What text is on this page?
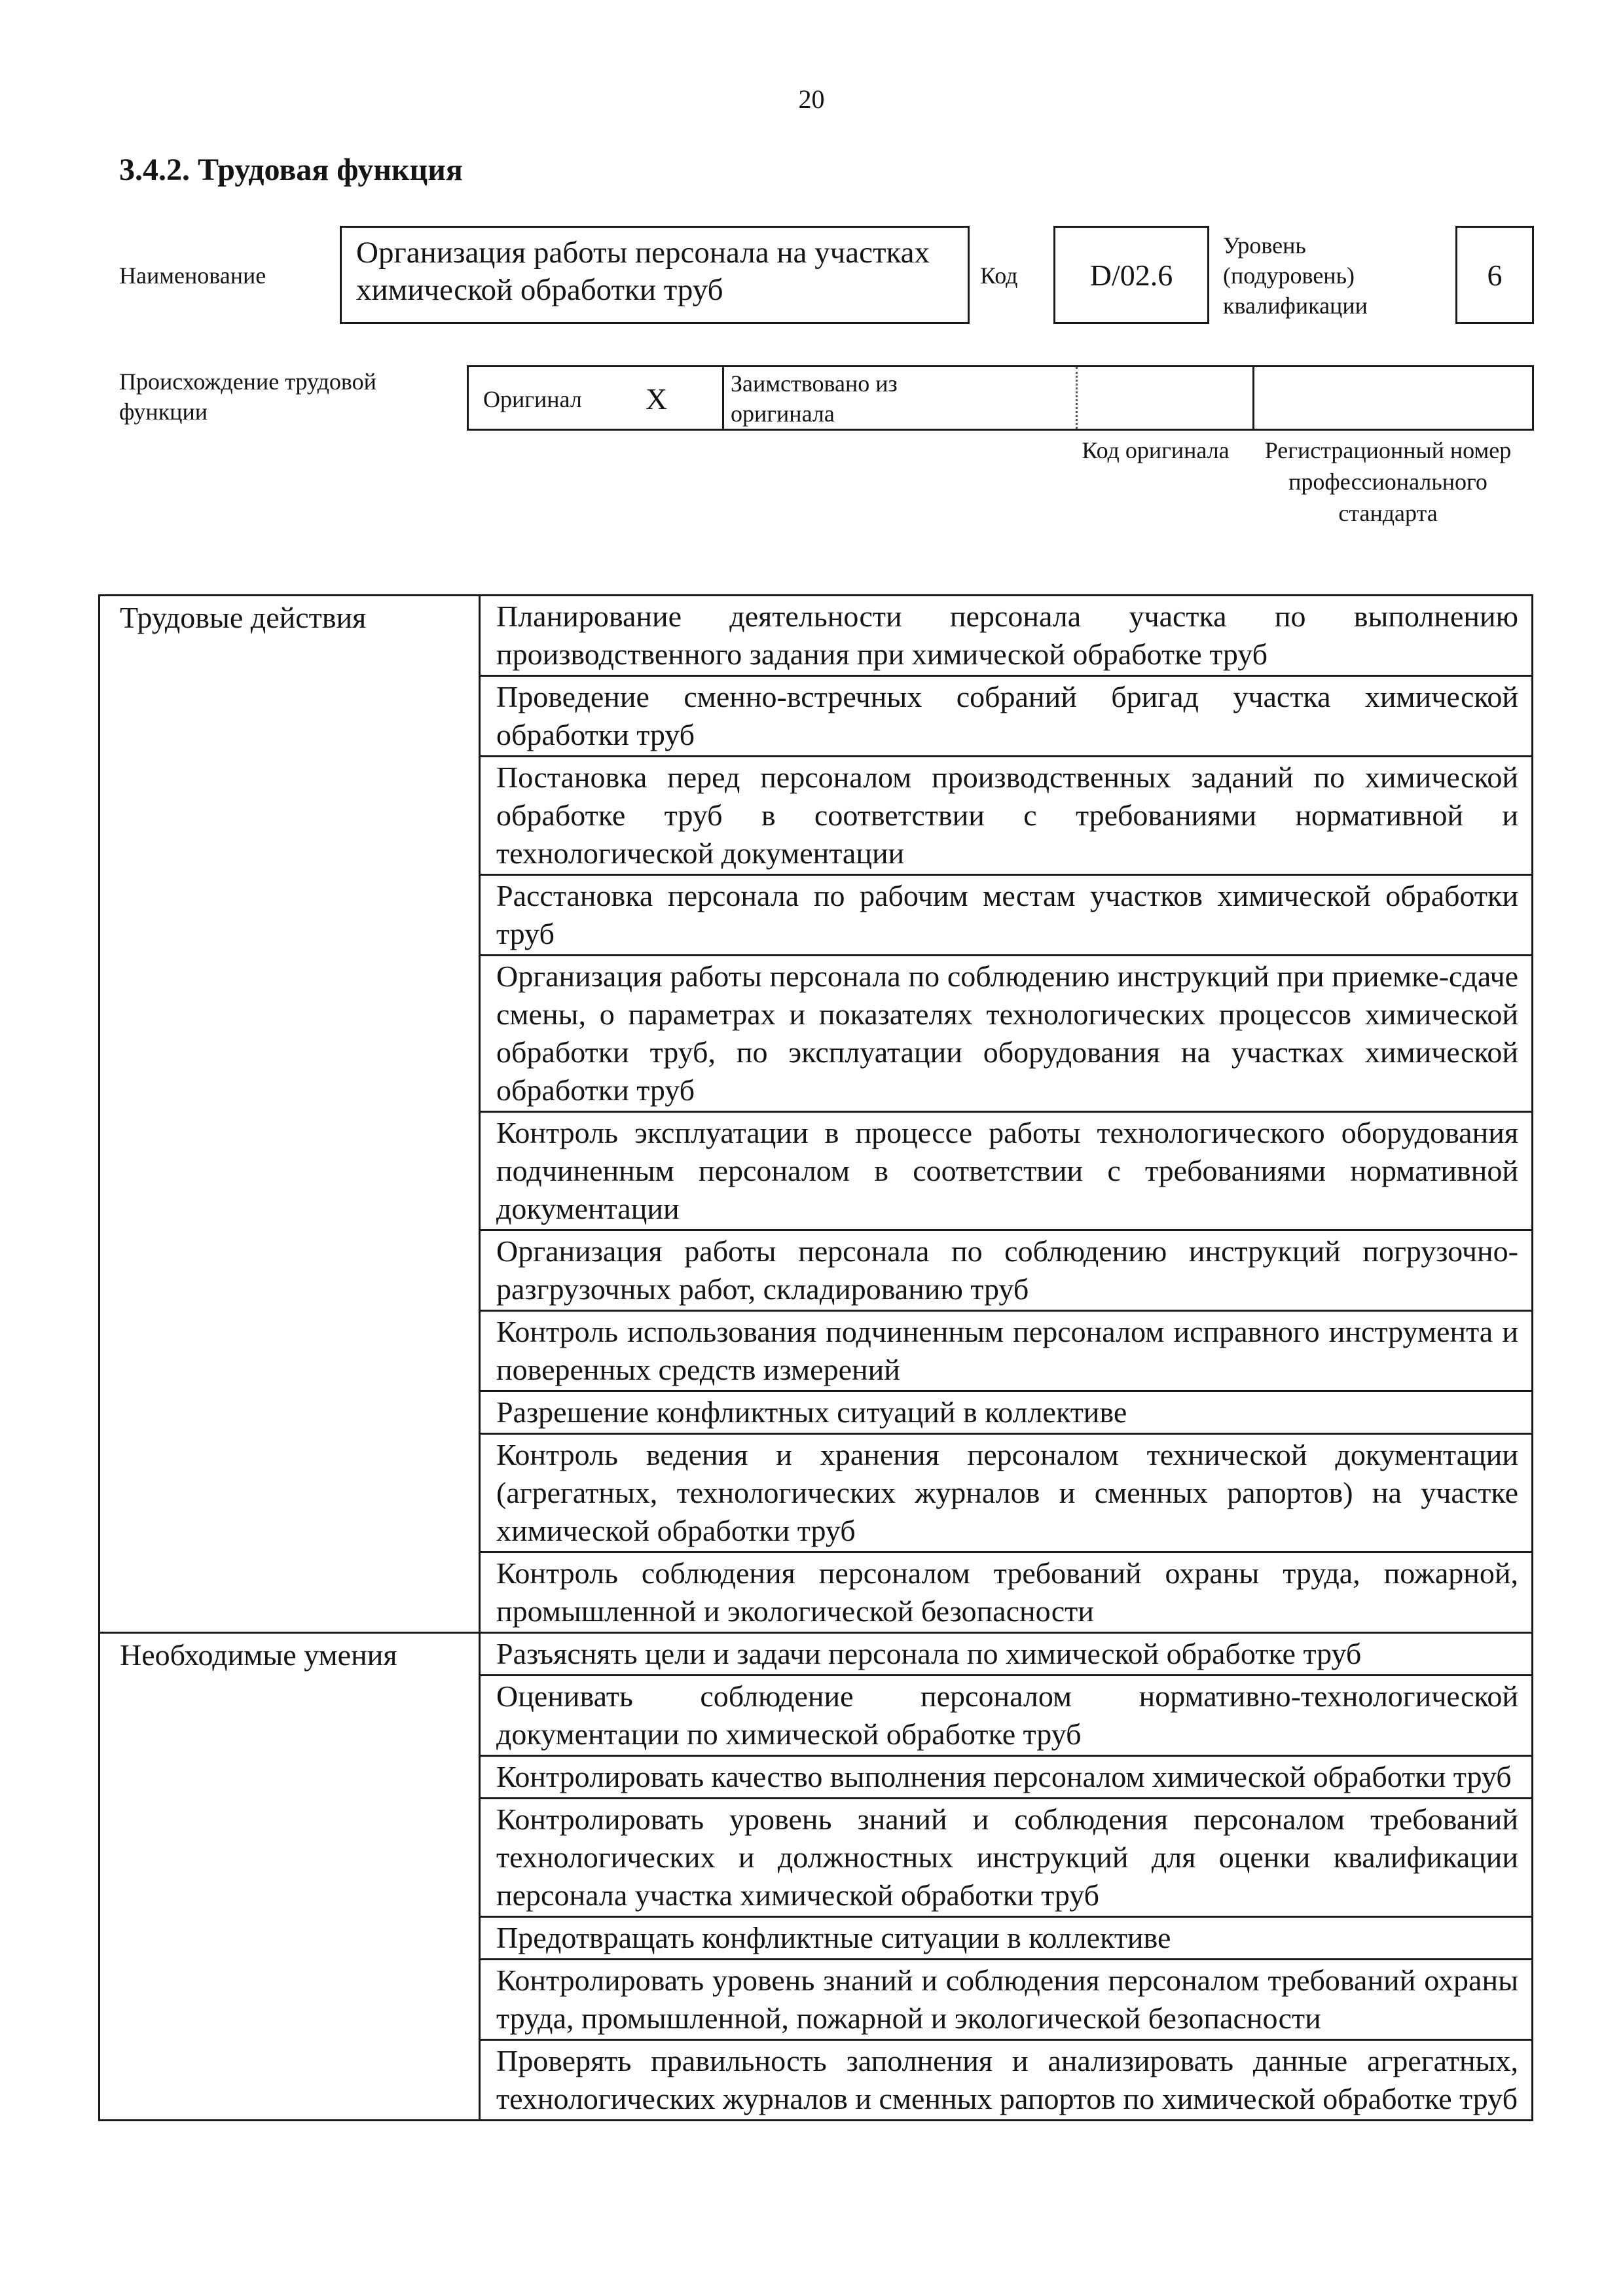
20
3.4.2. Трудовая функция
Наименование
Организация работы персонала на участках химической обработки труб	Код D/02.6
Уровень (подуровень) квалификации
6
Происхождение трудовой функции	Оригинал X	Заимствовано из оригинала
Код оригинала	Регистрационный номер профессионального стандарта
Трудовые действия	Планирование деятельности персонала участка по выполнению производственного задания при химической обработке труб
	Проведение сменно-встречных собраний бригад участка химической обработки труб
	Постановка перед персоналом производственных заданий по химической обработке труб в соответствии с требованиями нормативной и технологической документации
	Расстановка персонала по рабочим местам участков химической обработки труб
	Организация работы персонала по соблюдению инструкций при приемке-сдаче смены, о параметрах и показателях технологических процессов химической обработки труб, по эксплуатации оборудования на участках химической обработки труб
	Контроль эксплуатации в процессе работы технологического оборудования подчиненным персоналом в соответствии с требованиями нормативной документации
	Организация работы персонала по соблюдению инструкций погрузочно-разгрузочных работ, складированию труб
	Контроль использования подчиненным персоналом исправного инструмента и поверенных средств измерений
	Разрешение конфликтных ситуаций в коллективе
	Контроль ведения и хранения персоналом технической документации (агрегатных, технологических журналов и сменных рапортов) на участке химической обработки труб
	Контроль соблюдения персоналом требований охраны труда, пожарной, промышленной и экологической безопасности
Необходимые умения	Разъяснять цели и задачи персонала по химической обработке труб
	Оценивать соблюдение персоналом нормативно-технологической документации по химической обработке труб
	Контролировать качество выполнения персоналом химической обработки труб
	Контролировать уровень знаний и соблюдения персоналом требований технологических и должностных инструкций для оценки квалификации персонала участка химической обработки труб
	Предотвращать конфликтные ситуации в коллективе
	Контролировать уровень знаний и соблюдения персоналом требований охраны труда, промышленной, пожарной и экологической безопасности
	Проверять правильность заполнения и анализировать данные агрегатных, технологических журналов и сменных рапортов по химической обработке труб
